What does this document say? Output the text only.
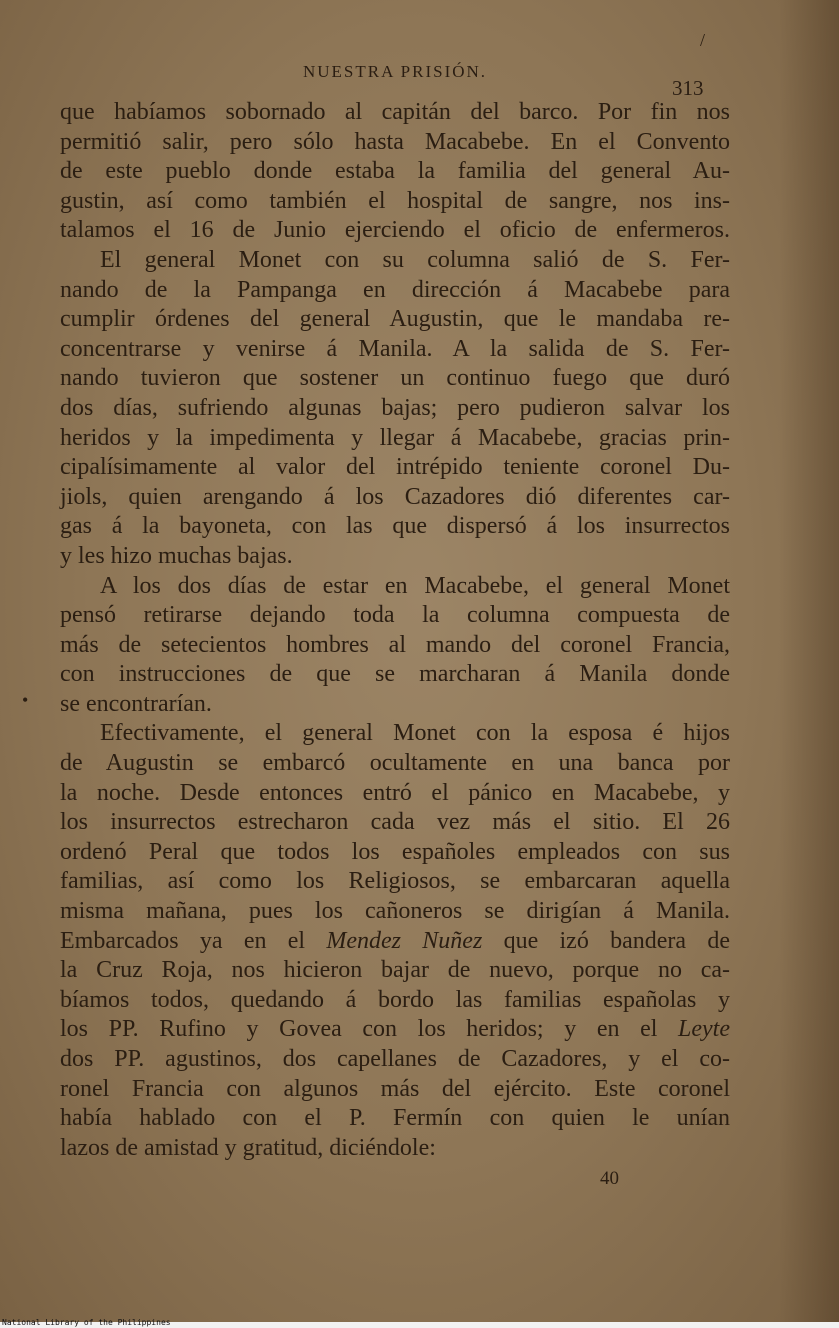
NUESTRA PRISIÓN.
313
/
que habíamos sobornado al capitán del barco. Por fin nos
permitió salir, pero sólo hasta Macabebe. En el Convento
de este pueblo donde estaba la familia del general Au-
gustin, así como también el hospital de sangre, nos ins-
talamos el 16 de Junio ejerciendo el oficio de enfermeros.
El general Monet con su columna salió de S. Fer-
nando de la Pampanga en dirección á Macabebe para
cumplir órdenes del general Augustin, que le mandaba re-
concentrarse y venirse á Manila. A la salida de S. Fer-
nando tuvieron que sostener un continuo fuego que duró
dos días, sufriendo algunas bajas; pero pudieron salvar los
heridos y la impedimenta y llegar á Macabebe, gracias prin-
cipalísimamente al valor del intrépido teniente coronel Du-
jiols, quien arengando á los Cazadores dió diferentes car-
gas á la bayoneta, con las que dispersó á los insurrectos
y les hizo muchas bajas.
A los dos días de estar en Macabebe, el general Monet
pensó retirarse dejando toda la columna compuesta de
más de setecientos hombres al mando del coronel Francia,
con instrucciones de que se marcharan á Manila donde
se encontrarían.
Efectivamente, el general Monet con la esposa é hijos
de Augustin se embarcó ocultamente en una banca por
la noche. Desde entonces entró el pánico en Macabebe, y
los insurrectos estrecharon cada vez más el sitio. El 26
ordenó Peral que todos los españoles empleados con sus
familias, así como los Religiosos, se embarcaran aquella
misma mañana, pues los cañoneros se dirigían á Manila.
Embarcados ya en el Mendez Nuñez que izó bandera de
la Cruz Roja, nos hicieron bajar de nuevo, porque no ca-
bíamos todos, quedando á bordo las familias españolas y
los PP. Rufino y Govea con los heridos; y en el Leyte
dos PP. agustinos, dos capellanes de Cazadores, y el co-
ronel Francia con algunos más del ejército. Este coronel
había hablado con el P. Fermín con quien le unían
lazos de amistad y gratitud, diciéndole:
40
•
National Library of the Philippines
